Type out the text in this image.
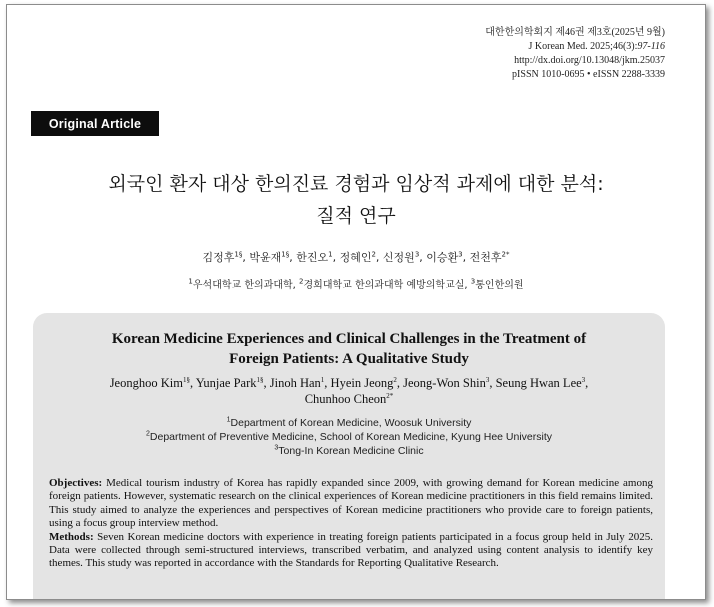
대한한의학회지 제46권 제3호(2025년 9월)
J Korean Med. 2025;46(3):97-116
http://dx.doi.org/10.13048/jkm.25037
pISSN 1010-0695 • eISSN 2288-3339
Original Article
외국인 환자 대상 한의진료 경험과 임상적 과제에 대한 분석:
질적 연구
김정후$^{1\S}$, 박윤재$^{1\S}$, 한진오$^1$, 정혜인$^2$, 신정원$^3$, 이승환$^3$, 전천후$^{2*}$
$^1$우석대학교 한의과대학, $^2$경희대학교 한의과대학 예방의학교실, $^3$통인한의원
Korean Medicine Experiences and Clinical Challenges in the Treatment of
Foreign Patients: A Qualitative Study
Jeonghoo Kim$^{1\S}$, Yunjae Park$^{1\S}$, Jinoh Han$^1$, Hyein Jeong$^2$, Jeong-Won Shin$^3$, Seung Hwan Lee$^3$,
Chunhoo Cheon$^{2*}$
$^1$Department of Korean Medicine, Woosuk University
$^2$Department of Preventive Medicine, School of Korean Medicine, Kyung Hee University
$^3$Tong-In Korean Medicine Clinic

Objectives: Medical tourism industry of Korea has rapidly expanded since 2009, with growing demand for Korean medicine among foreign patients. However, systematic research on the clinical experiences of Korean medicine practitioners in this field remains limited. This study aimed to analyze the experiences and perspectives of Korean medicine practitioners who provide care to foreign patients, using a focus group interview method.

Methods: Seven Korean medicine doctors with experience in treating foreign patients participated in a focus group held in July 2025. Data were collected through semi-structured interviews, transcribed verbatim, and analyzed using content analysis to identify key themes. This study was reported in accordance with the Standards for Reporting Qualitative Research.
